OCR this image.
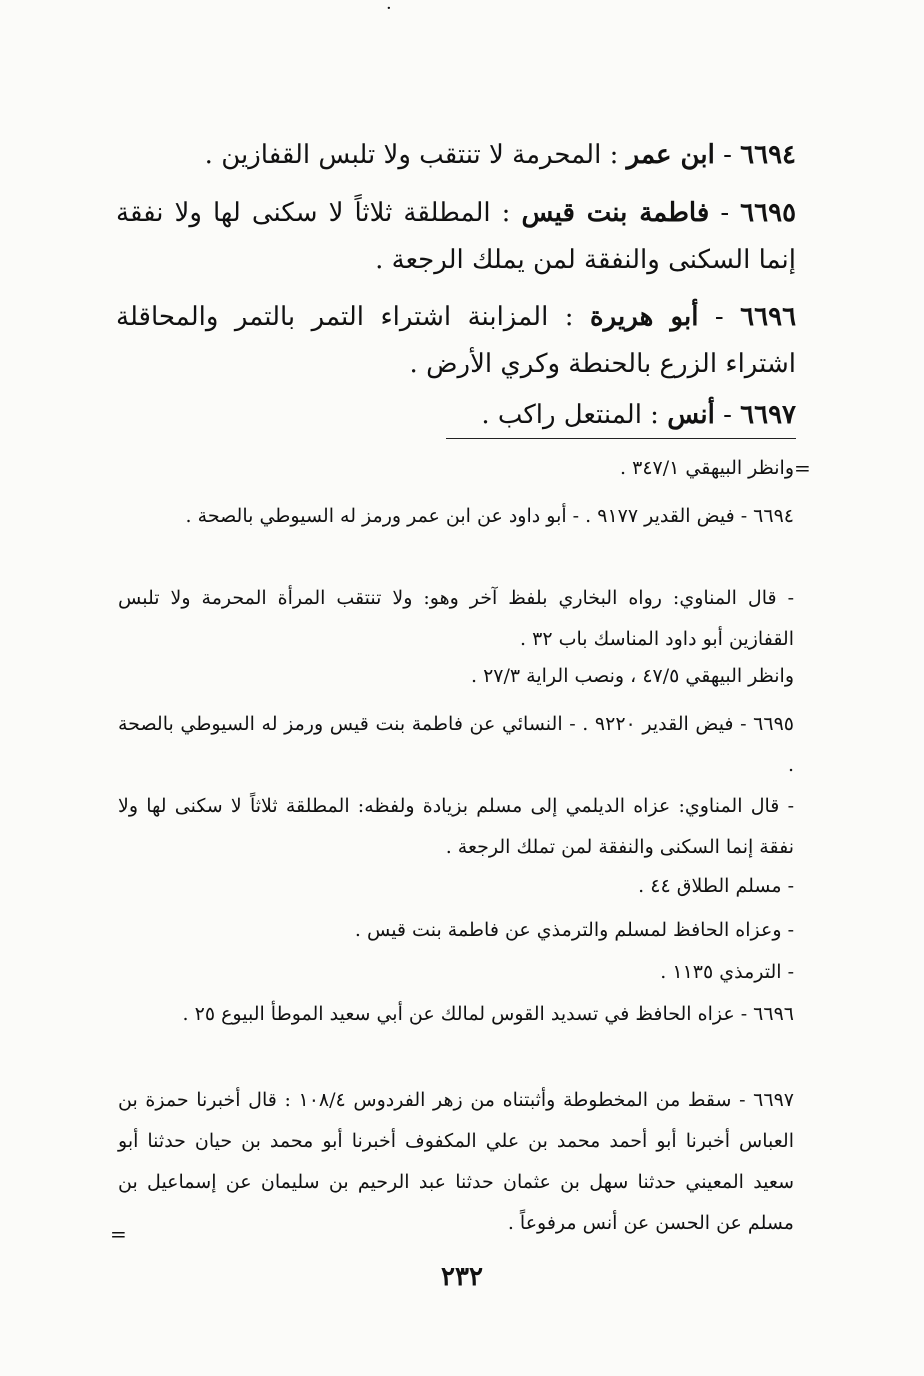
·

٦٦٩٤ - ابن عمر : المحرمة لا تنتقب ولا تلبس القفازين .

٦٦٩٥ - فاطمة بنت قيس : المطلقة ثلاثاً لا سكنى لها ولا نفقة إنما السكنى والنفقة لمن يملك الرجعة .

٦٦٩٦ - أبو هريرة : المزابنة اشتراء التمر بالتمر والمحاقلة اشتراء الزرع بالحنطة وكري الأرض .

٦٦٩٧ - أنس : المنتعل راكب .

=

وانظر البيهقي ٣٤٧/١ .

٦٦٩٤ - فيض القدير ٩١٧٧ . - أبو داود عن ابن عمر ورمز له السيوطي بالصحة .

- قال المناوي: رواه البخاري بلفظ آخر وهو: ولا تنتقب المرأة المحرمة ولا تلبس القفازين أبو داود المناسك باب ٣٢ .

وانظر البيهقي ٤٧/٥ ، ونصب الراية ٢٧/٣ .

٦٦٩٥ - فيض القدير ٩٢٢٠ . - النسائي عن فاطمة بنت قيس ورمز له السيوطي بالصحة .

- قال المناوي: عزاه الديلمي إلى مسلم بزيادة ولفظه: المطلقة ثلاثاً لا سكنى لها ولا نفقة إنما السكنى والنفقة لمن تملك الرجعة .

- مسلم الطلاق ٤٤ .

- وعزاه الحافظ لمسلم والترمذي عن فاطمة بنت قيس .

- الترمذي ١١٣٥ .

٦٦٩٦ - عزاه الحافظ في تسديد القوس لمالك عن أبي سعيد الموطأ البيوع ٢٥ .

٦٦٩٧ - سقط من المخطوطة وأثبتناه من زهر الفردوس ١٠٨/٤ : قال أخبرنا حمزة بن العباس أخبرنا أبو أحمد محمد بن علي المكفوف أخبرنا أبو محمد بن حيان حدثنا أبو سعيد المعيني حدثنا سهل بن عثمان حدثنا عبد الرحيم بن سليمان عن إسماعيل بن مسلم عن الحسن عن أنس مرفوعاً .

=
٢٣٢
